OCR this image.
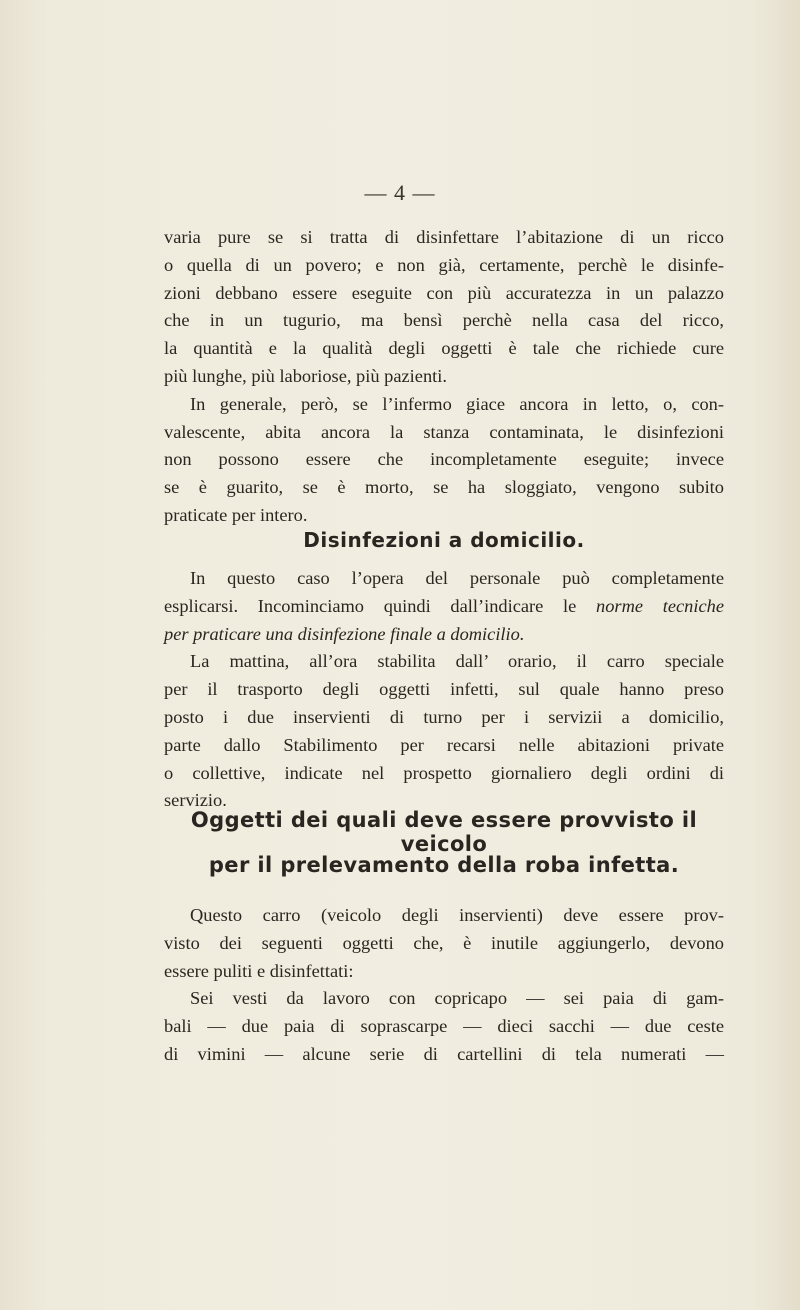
— 4 —
varia pure se si tratta di disinfettare l’abitazione di un ricco
o quella di un povero; e non già, certamente, perchè le disinfe-
zioni debbano essere eseguite con più accuratezza in un palazzo
che in un tugurio, ma bensì perchè nella casa del ricco,
la quantità e la qualità degli oggetti è tale che richiede cure
più lunghe, più laboriose, più pazienti.
In generale, però, se l’infermo giace ancora in letto, o, con-
valescente, abita ancora la stanza contaminata, le disinfezioni
non possono essere che incompletamente eseguite; invece
se è guarito, se è morto, se ha sloggiato, vengono subito
praticate per intero.
Disinfezioni a domicilio.
In questo caso l’opera del personale può completamente
esplicarsi. Incominciamo quindi dall’indicare le norme tecniche
per praticare una disinfezione finale a domicilio.
La mattina, all’ora stabilita dall’ orario, il carro speciale
per il trasporto degli oggetti infetti, sul quale hanno preso
posto i due inservienti di turno per i servizii a domicilio,
parte dallo Stabilimento per recarsi nelle abitazioni private
o collettive, indicate nel prospetto giornaliero degli ordini di
servizio.
Oggetti dei quali deve essere provvisto il veicolo
per il prelevamento della roba infetta.
Questo carro (veicolo degli inservienti) deve essere prov-
visto dei seguenti oggetti che, è inutile aggiungerlo, devono
essere puliti e disinfettati:
Sei vesti da lavoro con copricapo — sei paia di gam-
bali — due paia di soprascarpe — dieci sacchi — due ceste
di vimini — alcune serie di cartellini di tela numerati —
